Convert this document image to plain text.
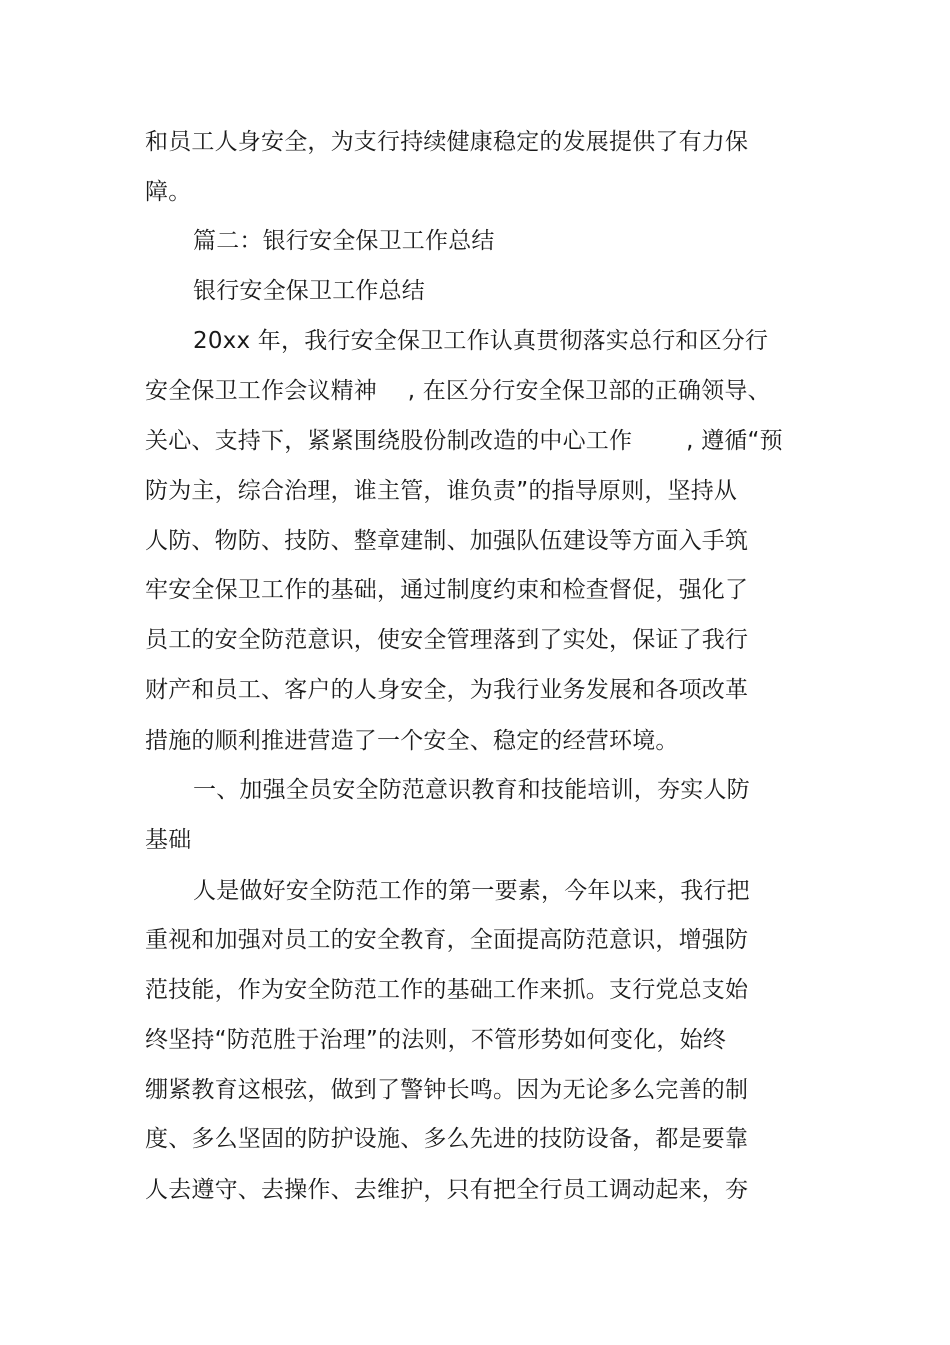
和员工人身安全，为支行持续健康稳定的发展提供了有力保
障。
篇二：银行安全保卫工作总结
银行安全保卫工作总结
20xx 年，我行安全保卫工作认真贯彻落实总行和区分行
安全保卫工作会议精神　 , 在区分行安全保卫部的正确领导、
关心、支持下，紧紧围绕股份制改造的中心工作　　 , 遵循“预
防为主，综合治理，谁主管，谁负责”的指导原则，坚持从
人防、物防、技防、整章建制、加强队伍建设等方面入手筑
牢安全保卫工作的基础，通过制度约束和检查督促，强化了
员工的安全防范意识，使安全管理落到了实处，保证了我行
财产和员工、客户的人身安全，为我行业务发展和各项改革
措施的顺利推进营造了一个安全、稳定的经营环境。
一、加强全员安全防范意识教育和技能培训，夯实人防
基础
人是做好安全防范工作的第一要素，今年以来，我行把
重视和加强对员工的安全教育，全面提高防范意识，增强防
范技能，作为安全防范工作的基础工作来抓。支行党总支始
终坚持“防范胜于治理”的法则，不管形势如何变化，始终
绷紧教育这根弦，做到了警钟长鸣。因为无论多么完善的制
度、多么坚固的防护设施、多么先进的技防设备，都是要靠
人去遵守、去操作、去维护，只有把全行员工调动起来，夯
